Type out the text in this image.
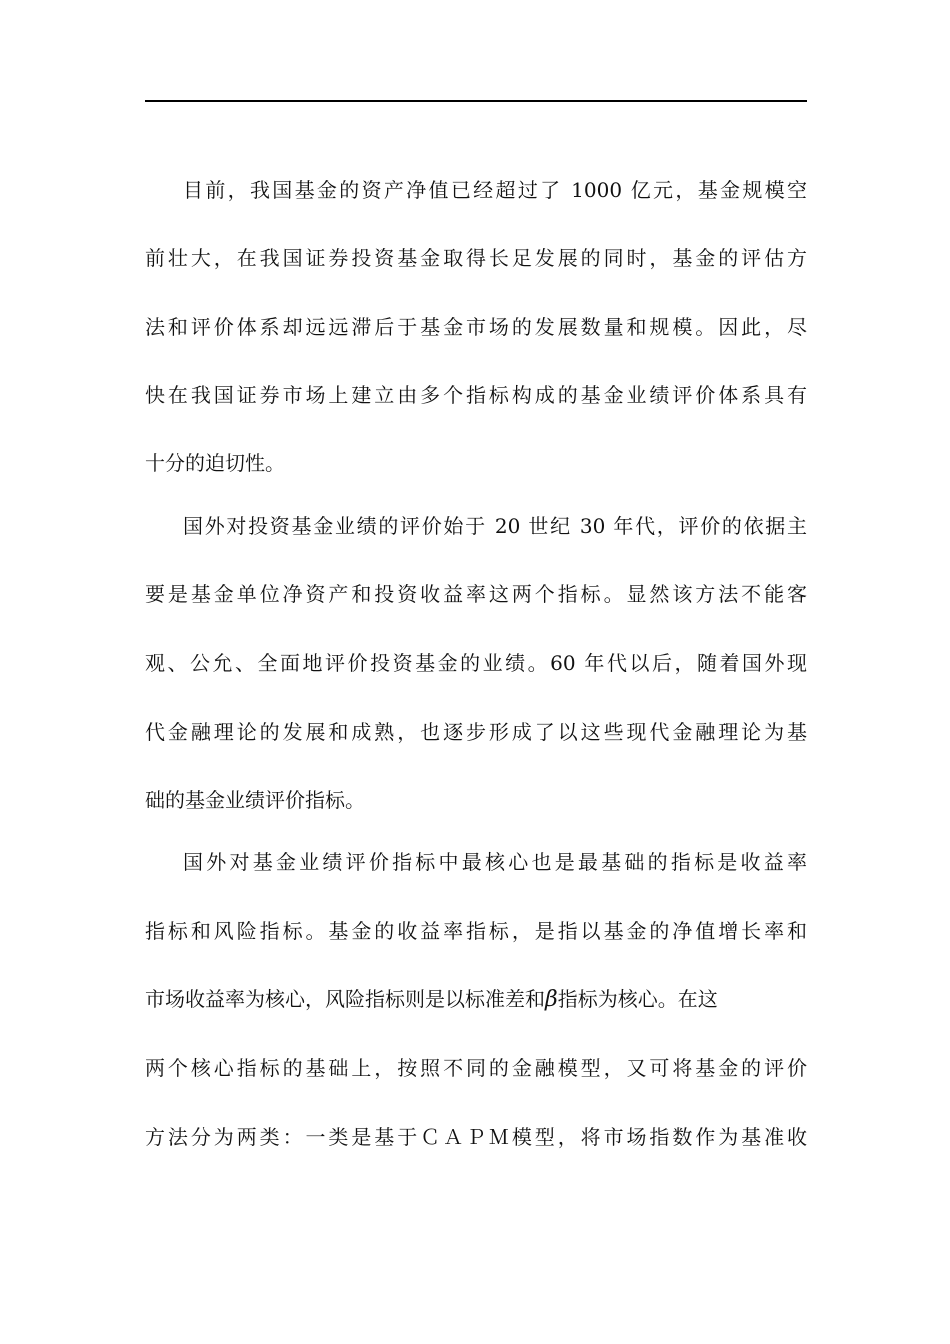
目前，我国基金的资产净值已经超过了 1000 亿元，基金规模空
前壮大，在我国证券投资基金取得长足发展的同时，基金的评估方
法和评价体系却远远滞后于基金市场的发展数量和规模。因此，尽
快在我国证券市场上建立由多个指标构成的基金业绩评价体系具有
十分的迫切性。
国外对投资基金业绩的评价始于 20 世纪 30 年代，评价的依据主
要是基金单位净资产和投资收益率这两个指标。显然该方法不能客
观、公允、全面地评价投资基金的业绩。60 年代以后，随着国外现
代金融理论的发展和成熟，也逐步形成了以这些现代金融理论为基
础的基金业绩评价指标。
国外对基金业绩评价指标中最核心也是最基础的指标是收益率
指标和风险指标。基金的收益率指标，是指以基金的净值增长率和
市场收益率为核心，风险指标则是以标准差和β指标为核心。在这
两个核心指标的基础上，按照不同的金融模型，又可将基金的评价
方法分为两类：一类是基于ＣＡＰＭ模型，将市场指数作为基准收
